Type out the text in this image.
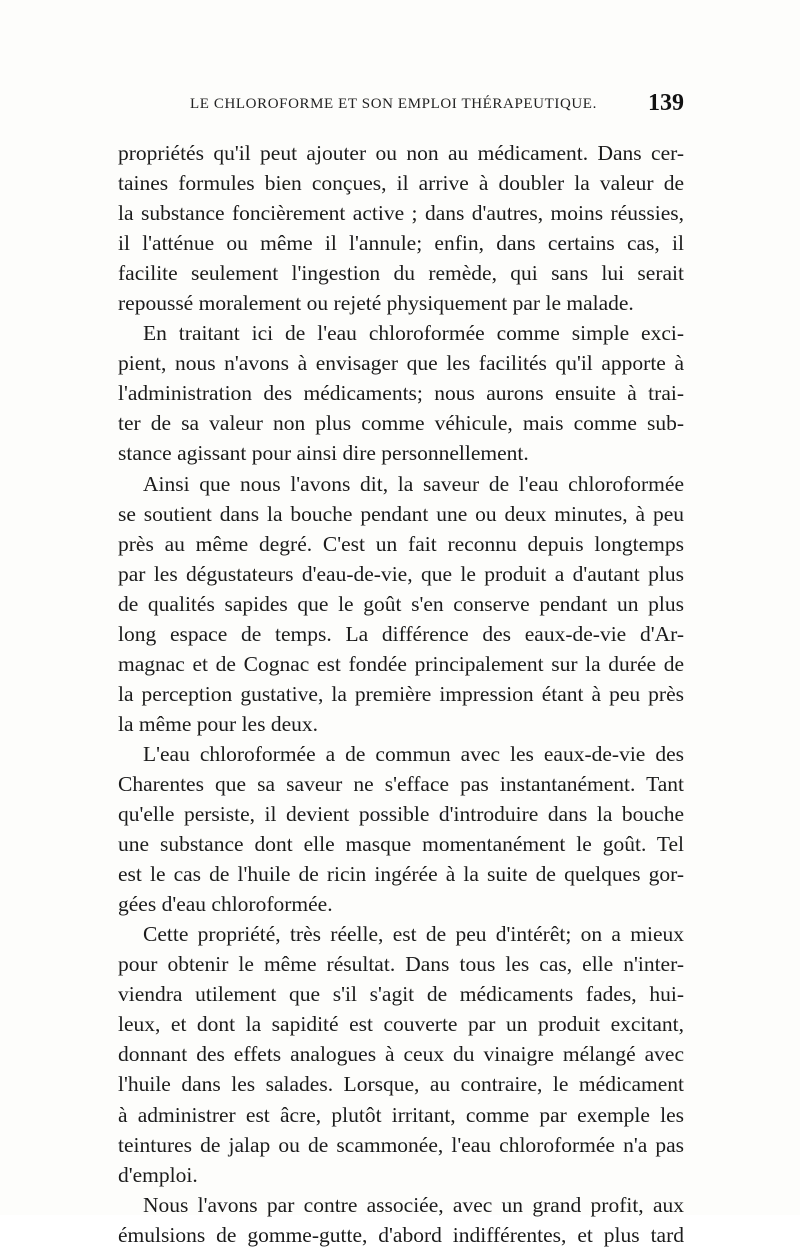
LE CHLOROFORME ET SON EMPLOI THÉRAPEUTIQUE. 139
propriétés qu'il peut ajouter ou non au médicament. Dans cer-
taines formules bien conçues, il arrive à doubler la valeur de
la substance foncièrement active ; dans d'autres, moins réussies,
il l'atténue ou même il l'annule; enfin, dans certains cas, il
facilite seulement l'ingestion du remède, qui sans lui serait
repoussé moralement ou rejeté physiquement par le malade.
En traitant ici de l'eau chloroformée comme simple exci-
pient, nous n'avons à envisager que les facilités qu'il apporte à
l'administration des médicaments; nous aurons ensuite à trai-
ter de sa valeur non plus comme véhicule, mais comme sub-
stance agissant pour ainsi dire personnellement.
Ainsi que nous l'avons dit, la saveur de l'eau chloroformée
se soutient dans la bouche pendant une ou deux minutes, à peu
près au même degré. C'est un fait reconnu depuis longtemps
par les dégustateurs d'eau-de-vie, que le produit a d'autant plus
de qualités sapides que le goût s'en conserve pendant un plus
long espace de temps. La différence des eaux-de-vie d'Ar-
magnac et de Cognac est fondée principalement sur la durée de
la perception gustative, la première impression étant à peu près
la même pour les deux.
L'eau chloroformée a de commun avec les eaux-de-vie des
Charentes que sa saveur ne s'efface pas instantanément. Tant
qu'elle persiste, il devient possible d'introduire dans la bouche
une substance dont elle masque momentanément le goût. Tel
est le cas de l'huile de ricin ingérée à la suite de quelques gor-
gées d'eau chloroformée.
Cette propriété, très réelle, est de peu d'intérêt; on a mieux
pour obtenir le même résultat. Dans tous les cas, elle n'inter-
viendra utilement que s'il s'agit de médicaments fades, hui-
leux, et dont la sapidité est couverte par un produit excitant,
donnant des effets analogues à ceux du vinaigre mélangé avec
l'huile dans les salades. Lorsque, au contraire, le médicament
à administrer est âcre, plutôt irritant, comme par exemple les
teintures de jalap ou de scammonée, l'eau chloroformée n'a pas
d'emploi.
Nous l'avons par contre associée, avec un grand profit, aux
émulsions de gomme-gutte, d'abord indifférentes, et plus tard
